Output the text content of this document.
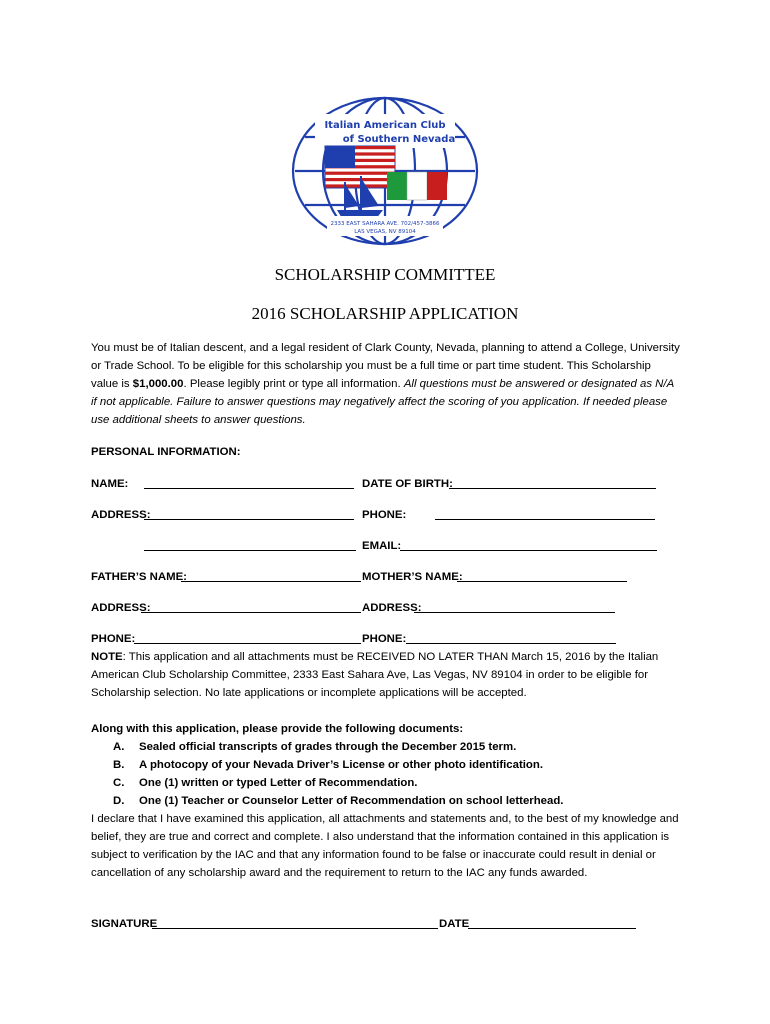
Italian American Club
of Southern Nevada
2333 EAST SAHARA AVE. 702/457-3866
LAS VEGAS, NV 89104
SCHOLARSHIP COMMITTEE
2016 SCHOLARSHIP APPLICATION
You must be of Italian descent, and a legal resident of Clark County, Nevada, planning to attend a College, University or Trade School. To be eligible for this scholarship you must be a full time or part time student. This Scholarship value is $1,000.00. Please legibly print or type all information. All questions must be answered or designated as N/A if not applicable. Failure to answer questions may negatively affect the scoring of you application. If needed please use additional sheets to answer questions.
PERSONAL INFORMATION:
NAME:	DATE OF BIRTH:
ADDRESS:	PHONE:
EMAIL:
FATHER’S NAME:	MOTHER’S NAME:
ADDRESS:	ADDRESS:
PHONE:	PHONE:
NOTE: This application and all attachments must be RECEIVED NO LATER THAN March 15, 2016 by the Italian American Club Scholarship Committee, 2333 East Sahara Ave, Las Vegas, NV 89104 in order to be eligible for Scholarship selection. No late applications or incomplete applications will be accepted.
Along with this application, please provide the following documents:
A. Sealed official transcripts of grades through the December 2015 term.
B. A photocopy of your Nevada Driver’s License or other photo identification.
C. One (1) written or typed Letter of Recommendation.
D. One (1) Teacher or Counselor Letter of Recommendation on school letterhead.
I declare that I have examined this application, all attachments and statements and, to the best of my knowledge and belief, they are true and correct and complete. I also understand that the information contained in this application is subject to verification by the IAC and that any information found to be false or inaccurate could result in denial or cancellation of any scholarship award and the requirement to return to the IAC any funds awarded.
SIGNATURE	DATE
